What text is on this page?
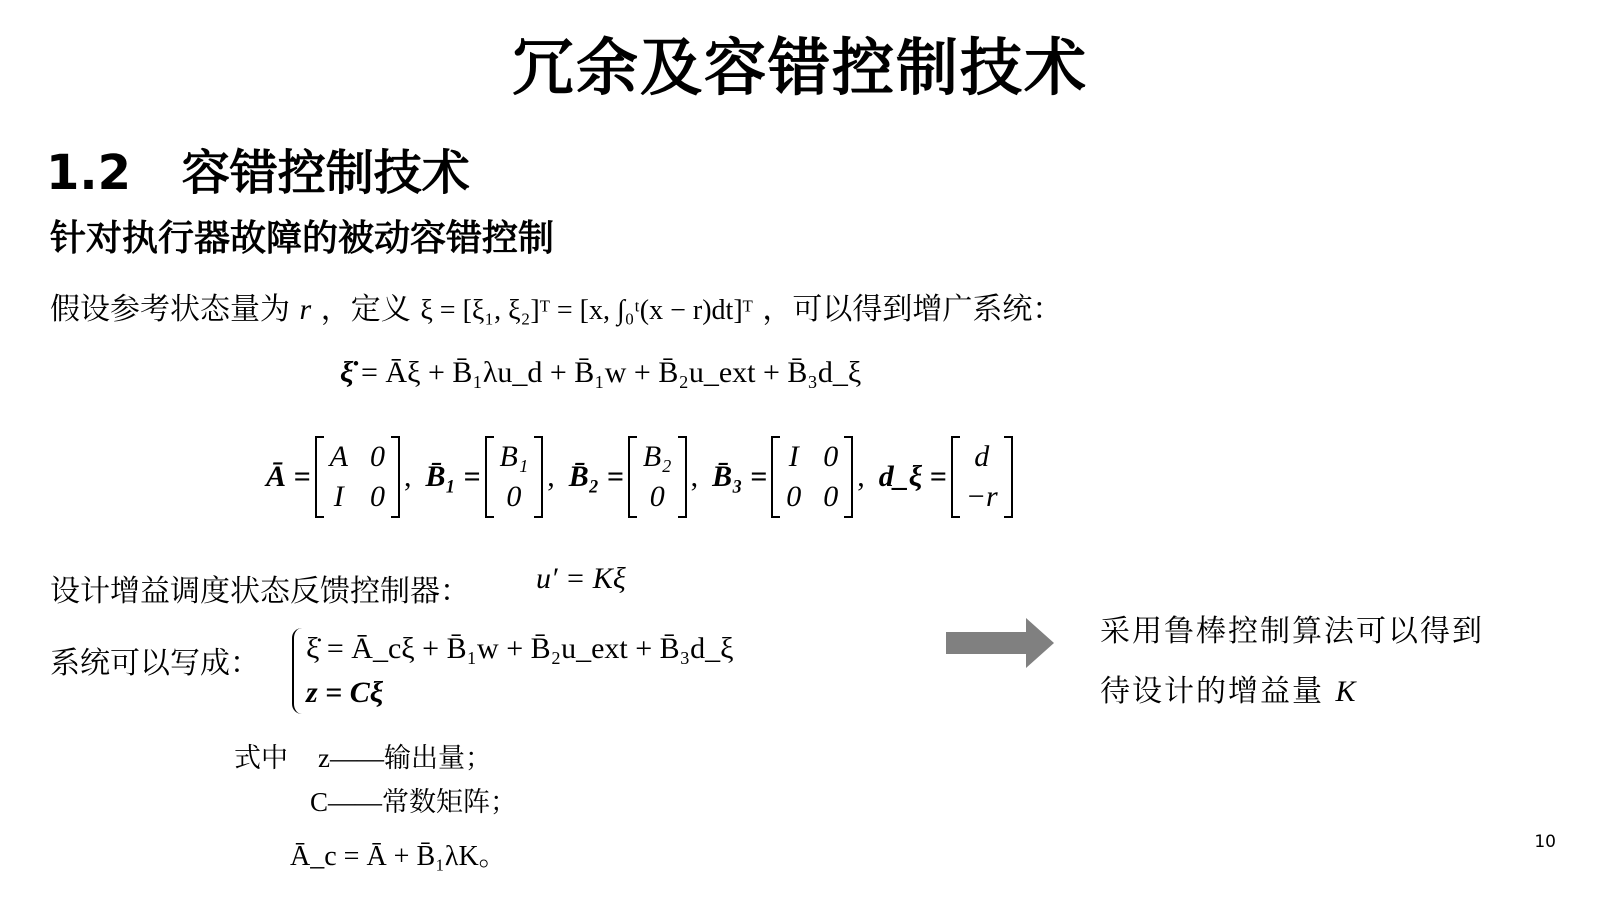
冗余及容错控制技术
1.2 容错控制技术
针对执行器故障的被动容错控制
假设参考状态量为 r ，定义 ξ = [ξ₁, ξ₂]ᵀ = [x, ∫₀ᵗ(x − r)dt]ᵀ ，可以得到增广系统：
ξ̇ = Āξ + B̄₁λu_d + B̄₁w + B̄₂u_ext + B̄₃d_ξ
Ā =
A 0
I 0
, B̄₁ =
B₁
0
, B̄₂ =
B₂
0
, B̄₃ =
I 0
0 0
, d_ξ =
d
−r
设计增益调度状态反馈控制器： u′ = Kξ
系统可以写成： ξ̇ = Ā_cξ + B̄₁w + B̄₂u_ext + B̄₃d_ξ
z = Cξ
式中 z——输出量；
C——常数矩阵；
Ā_c = Ā + B̄₁λK。
采用鲁棒控制算法可以得到
待设计的增益量 K
10
